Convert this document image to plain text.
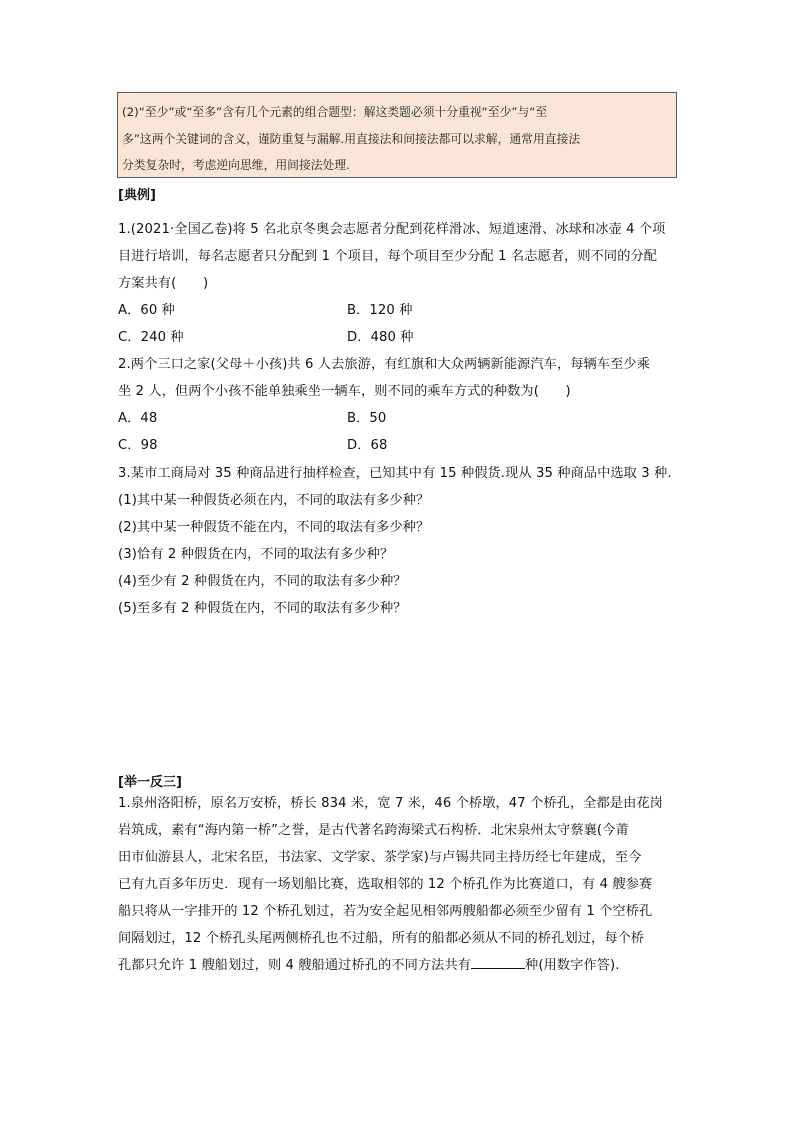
(2)“至少”或“至多”含有几个元素的组合题型：解这类题必须十分重视“至少”与“至
多”这两个关键词的含义，谨防重复与漏解.用直接法和间接法都可以求解，通常用直接法
分类复杂时，考虑逆向思维，用间接法处理.
[典例]
1.(2021·全国乙卷)将 5 名北京冬奥会志愿者分配到花样滑冰、短道速滑、冰球和冰壶 4 个项
目进行培训，每名志愿者只分配到 1 个项目，每个项目至少分配 1 名志愿者，则不同的分配
方案共有(　　)
A．60 种	B．120 种
C．240 种	D．480 种
2.两个三口之家(父母＋小孩)共 6 人去旅游，有红旗和大众两辆新能源汽车，每辆车至少乘
坐 2 人，但两个小孩不能单独乘坐一辆车，则不同的乘车方式的种数为(　　)
A．48	B．50
C．98	D．68
3.某市工商局对 35 种商品进行抽样检查，已知其中有 15 种假货.现从 35 种商品中选取 3 种.
(1)其中某一种假货必须在内，不同的取法有多少种？
(2)其中某一种假货不能在内，不同的取法有多少种？
(3)恰有 2 种假货在内，不同的取法有多少种？
(4)至少有 2 种假货在内，不同的取法有多少种？
(5)至多有 2 种假货在内，不同的取法有多少种？
[举一反三]
1.泉州洛阳桥，原名万安桥，桥长 834 米，宽 7 米，46 个桥墩，47 个桥孔，全都是由花岗
岩筑成，素有“海内第一桥”之誉，是古代著名跨海梁式石构桥．北宋泉州太守蔡襄(今莆
田市仙游县人，北宋名臣，书法家、文学家、茶学家)与卢锡共同主持历经七年建成，至今
已有九百多年历史．现有一场划船比赛，选取相邻的 12 个桥孔作为比赛道口，有 4 艘参赛
船只将从一字排开的 12 个桥孔划过，若为安全起见相邻两艘船都必须至少留有 1 个空桥孔
间隔划过，12 个桥孔头尾两侧桥孔也不过船，所有的船都必须从不同的桥孔划过，每个桥
孔都只允许 1 艘船划过，则 4 艘船通过桥孔的不同方法共有	种(用数字作答).
